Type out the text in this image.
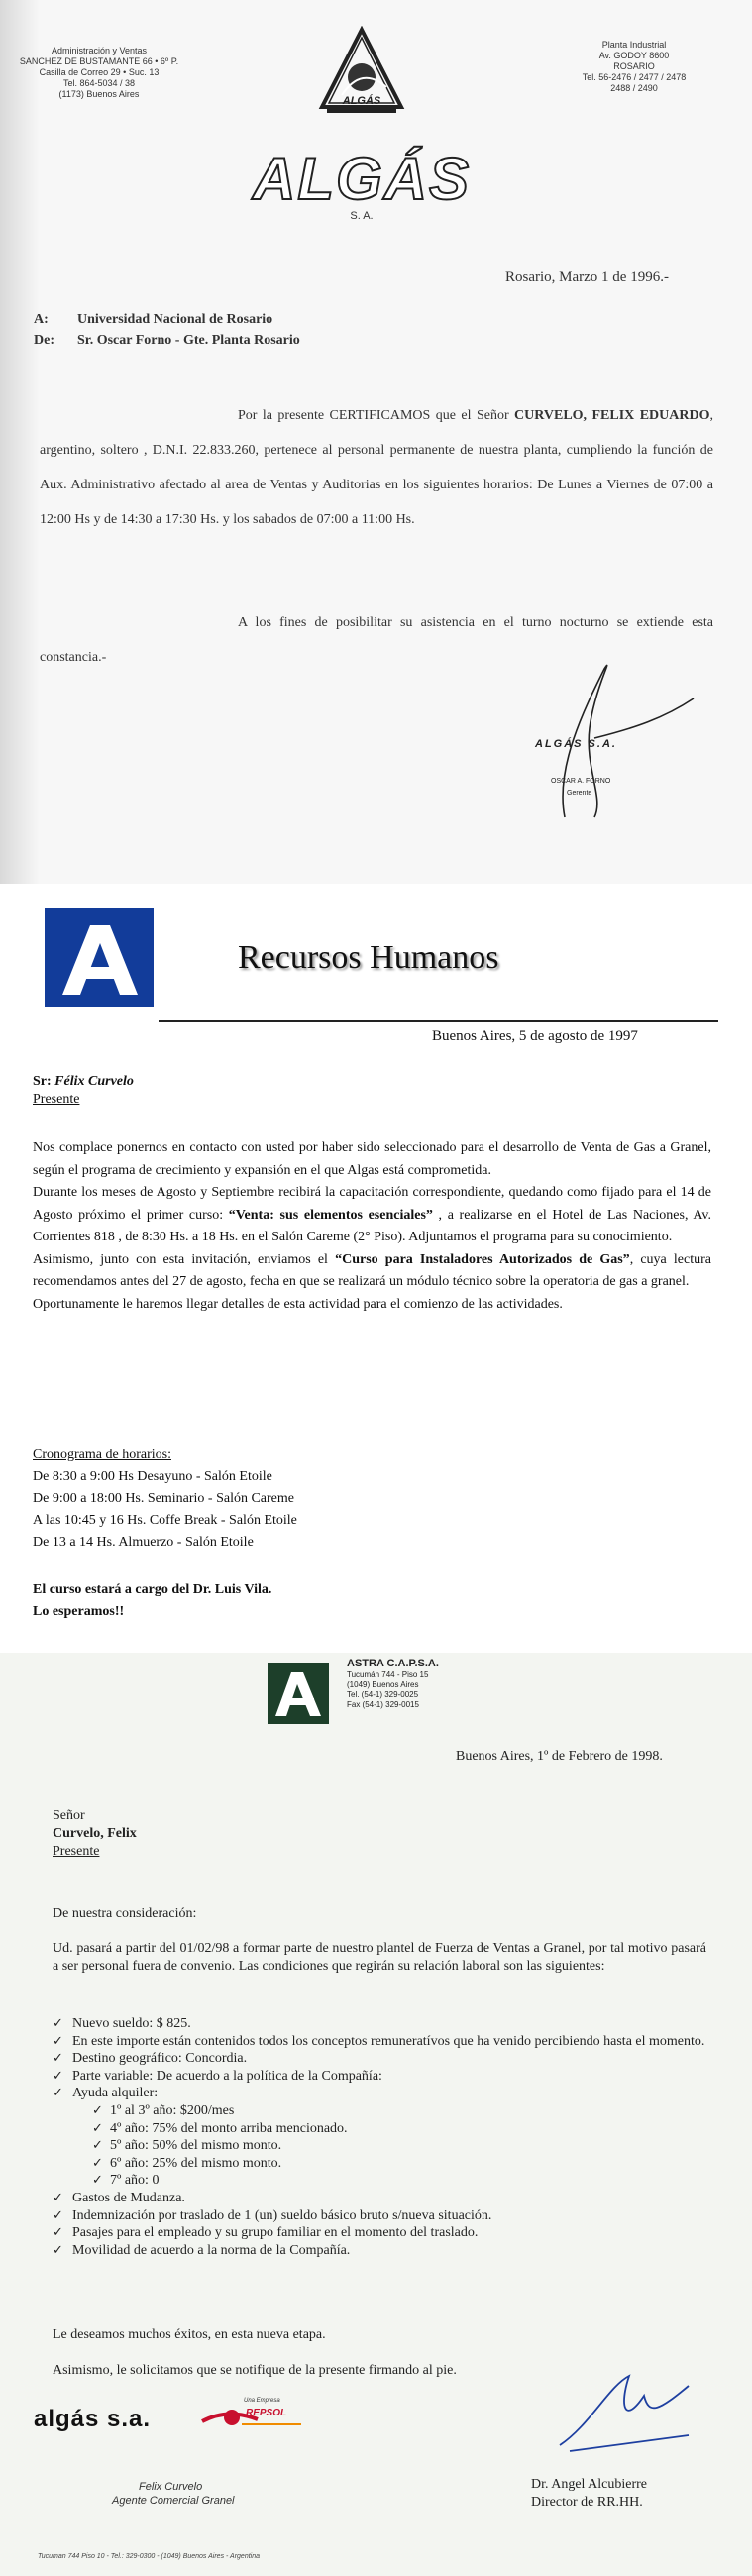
Administración y Ventas
SANCHEZ DE BUSTAMANTE 66 • 6º P.
Casilla de Correo 29 • Suc. 13
Tel. 864-5034 / 38
(1173) Buenos Aires
ALGÁS
ALGÁS
S. A.
Planta Industrial
Av. GODOY 8600
ROSARIO
Tel. 56-2476 / 2477 / 2478
2488 / 2490
Rosario, Marzo 1 de 1996.-
A: Universidad Nacional de Rosario
De: Sr. Oscar Forno - Gte. Planta Rosario
Por la presente CERTIFICAMOS que el Señor CURVELO, FELIX EDUARDO, argentino, soltero , D.N.I. 22.833.260, pertenece al personal permanente de nuestra planta, cumpliendo la función de Aux. Administrativo afectado al area de Ventas y Auditorias en los siguientes horarios: De Lunes a Viernes de 07:00 a 12:00 Hs y de 14:30 a 17:30 Hs. y los sabados de 07:00 a 11:00 Hs.
A los fines de posibilitar su asistencia en el turno nocturno se extiende esta constancia.-
ALGÁS S.A.
OSCAR A. FORNO
Gerente
Recursos Humanos
Buenos Aires, 5 de agosto de 1997
Sr: Félix Curvelo
Presente

Nos complace ponernos en contacto con usted por haber sido seleccionado para el desarrollo de Venta de Gas a Granel, según el programa de crecimiento y expansión en el que Algas está comprometida.

Durante los meses de Agosto y Septiembre recibirá la capacitación correspondiente, quedando como fijado para el 14 de Agosto próximo el primer curso: “Venta: sus elementos esenciales” , a realizarse en el Hotel de Las Naciones, Av. Corrientes 818 , de 8:30 Hs. a 18 Hs. en el Salón Careme (2° Piso). Adjuntamos el programa para su conocimiento.

Asimismo, junto con esta invitación, enviamos el “Curso para Instaladores Autorizados de Gas”, cuya lectura recomendamos antes del 27 de agosto, fecha en que se realizará un módulo técnico sobre la operatoria de gas a granel.

Oportunamente le haremos llegar detalles de esta actividad para el comienzo de las actividades.

Cronograma de horarios:
De 8:30 a 9:00 Hs Desayuno - Salón Etoile
De 9:00 a 18:00 Hs. Seminario - Salón Careme
A las 10:45 y 16 Hs. Coffe Break - Salón Etoile
De 13 a 14 Hs. Almuerzo - Salón Etoile
El curso estará a cargo del Dr. Luis Vila.
Lo esperamos!!
ASTRA C.A.P.S.A.
Tucumán 744 - Piso 15
(1049) Buenos Aires
Tel. (54-1) 329-0025
Fax (54-1) 329-0015
Buenos Aires, 1º de Febrero de 1998.
Señor
Curvelo, Felix
Presente
De nuestra consideración:
Ud. pasará a partir del 01/02/98 a formar parte de nuestro plantel de Fuerza de Ventas a Granel, por tal motivo pasará a ser personal fuera de convenio. Las condiciones que regirán su relación laboral son las siguientes:
✓ Nuevo sueldo: $ 825.
✓ En este importe están contenidos todos los conceptos remuneratívos que ha venido percibiendo hasta el momento.
✓ Destino geográfico: Concordia.
✓ Parte variable: De acuerdo a la política de la Compañía:
✓ Ayuda alquiler:
✓ 1º al 3º año: $200/mes
✓ 4º año: 75% del monto arriba mencionado.
✓ 5º año: 50% del mismo monto.
✓ 6º año: 25% del mismo monto.
✓ 7º año: 0
✓ Gastos de Mudanza.
✓ Indemnización por traslado de 1 (un) sueldo básico bruto s/nueva situación.
✓ Pasajes para el empleado y su grupo familiar en el momento del traslado.
✓ Movilidad de acuerdo a la norma de la Compañía.
Le deseamos muchos éxitos, en esta nueva etapa.
Asimismo, le solicitamos que se notifique de la presente firmando al pie.
algás s.a.
Una Empresa
REPSOL
Felix Curvelo
Agente Comercial Granel
Dr. Angel Alcubierre
Director de RR.HH.
Tucuman 744 Piso 10 - Tel.: 329-0300 - (1049) Buenos Aires - Argentina
